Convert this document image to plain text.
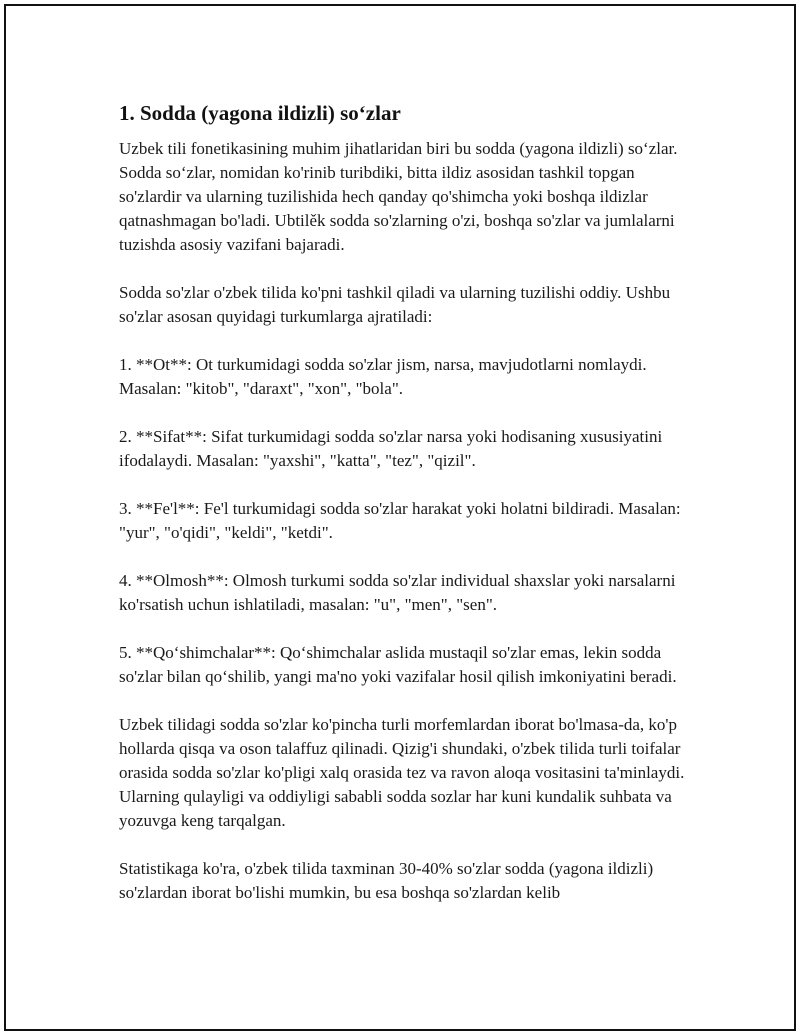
1. Sodda (yagona ildizli) so‘zlar

Uzbek tili fonetikasining muhim jihatlaridan biri bu sodda (yagona ildizli) so‘zlar. Sodda so‘zlar, nomidan ko'rinib turibdiki, bitta ildiz asosidan tashkil topgan so'zlardir va ularning tuzilishida hech qanday qo'shimcha yoki boshqa ildizlar qatnashmagan bo'ladi. Ubtilěk sodda so'zlarning o'zi, boshqa so'zlar va jumlalarni tuzishda asosiy vazifani bajaradi.

Sodda so'zlar o'zbek tilida ko'pni tashkil qiladi va ularning tuzilishi oddiy. Ushbu so'zlar asosan quyidagi turkumlarga ajratiladi:

1. **Ot**: Ot turkumidagi sodda so'zlar jism, narsa, mavjudotlarni nomlaydi. Masalan: "kitob", "daraxt", "xon", "bola".

2. **Sifat**: Sifat turkumidagi sodda so'zlar narsa yoki hodisaning xususiyatini ifodalaydi. Masalan: "yaxshi", "katta", "tez", "qizil".

3. **Fe'l**: Fe'l turkumidagi sodda so'zlar harakat yoki holatni bildiradi. Masalan: "yur", "o'qidi", "keldi", "ketdi".

4. **Olmosh**: Olmosh turkumi sodda so'zlar individual shaxslar yoki narsalarni ko'rsatish uchun ishlatiladi, masalan: "u", "men", "sen".

5. **Qo‘shimchalar**: Qo‘shimchalar aslida mustaqil so'zlar emas, lekin sodda so'zlar bilan qo‘shilib, yangi ma'no yoki vazifalar hosil qilish imkoniyatini beradi.

Uzbek tilidagi sodda so'zlar ko'pincha turli morfemlardan iborat bo'lmasa-da, ko'p hollarda qisqa va oson talaffuz qilinadi. Qizig'i shundaki, o'zbek tilida turli toifalar orasida sodda so'zlar ko'pligi xalq orasida tez va ravon aloqa vositasini ta'minlaydi. Ularning qulayligi va oddiyligi sababli sodda sozlar har kuni kundalik suhbata va yozuvga keng tarqalgan.

Statistikaga ko'ra, o'zbek tilida taxminan 30-40% so'zlar sodda (yagona ildizli) so'zlardan iborat bo'lishi mumkin, bu esa boshqa so'zlardan kelib
